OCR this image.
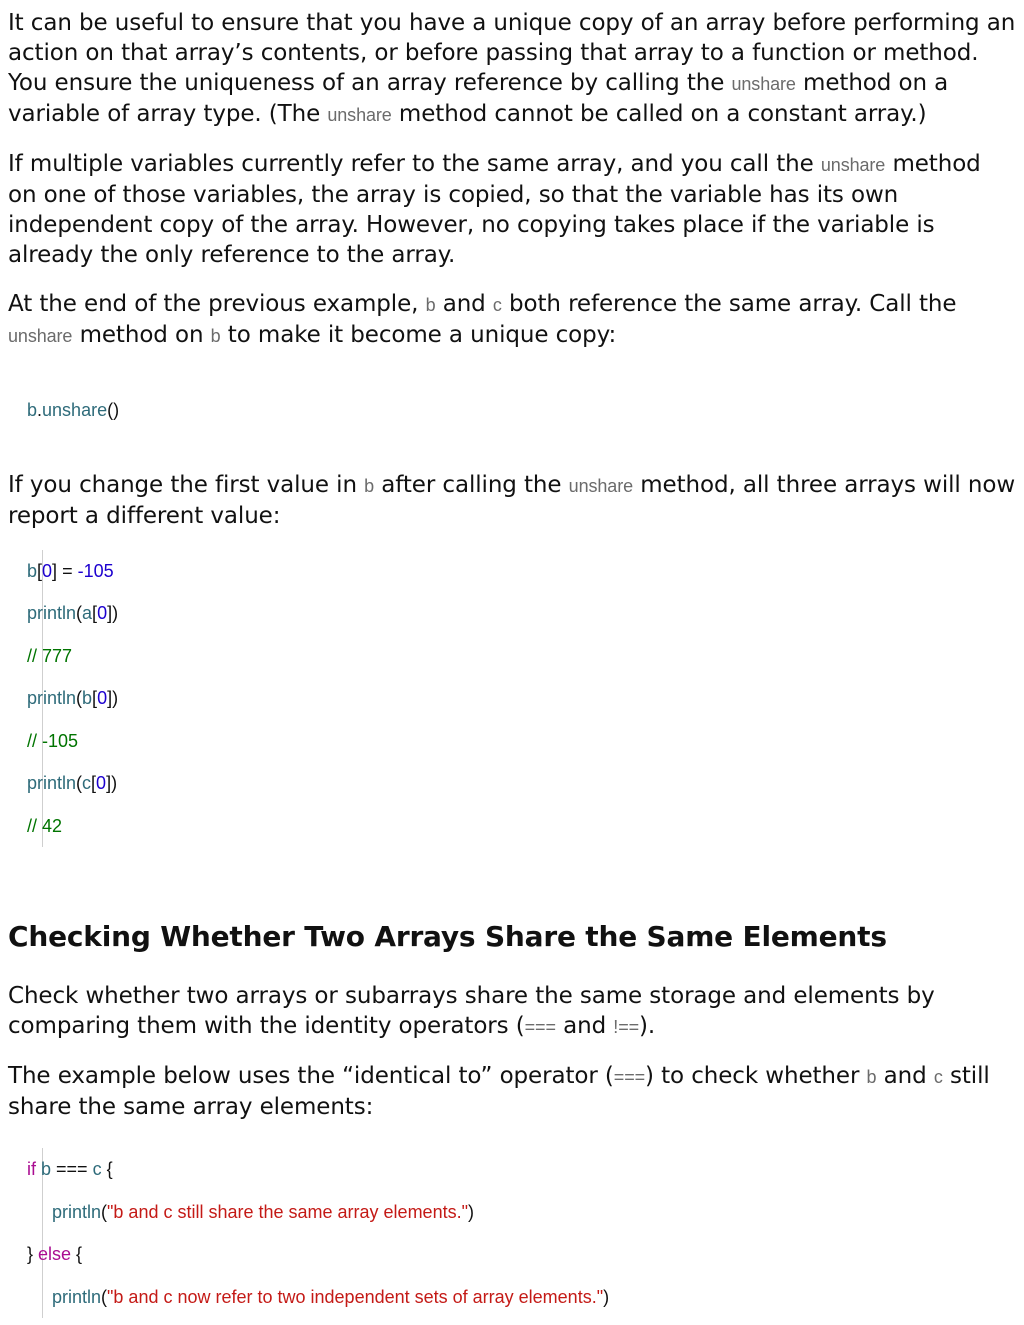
It can be useful to ensure that you have a unique copy of an array before performing an action on that array’s contents, or before passing that array to a function or method. You ensure the uniqueness of an array reference by calling the unshare method on a variable of array type. (The unshare method cannot be called on a constant array.)

If multiple variables currently refer to the same array, and you call the unshare method on one of those variables, the array is copied, so that the variable has its own independent copy of the array. However, no copying takes place if the variable is already the only reference to the array.

At the end of the previous example, b and c both reference the same array. Call the unshare method on b to make it become a unique copy:

b.unshare()

If you change the first value in b after calling the unshare method, all three arrays will now report a different value:

b[0] = -105
println(a[0])
// 777
println(b[0])
// -105
println(c[0])
// 42
Checking Whether Two Arrays Share the Same Elements

Check whether two arrays or subarrays share the same storage and elements by comparing them with the identity operators (=== and !==).

The example below uses the “identical to” operator (===) to check whether b and c still share the same array elements:

if b === c {
println("b and c still share the same array elements.")
} else {
println("b and c now refer to two independent sets of array elements.")
